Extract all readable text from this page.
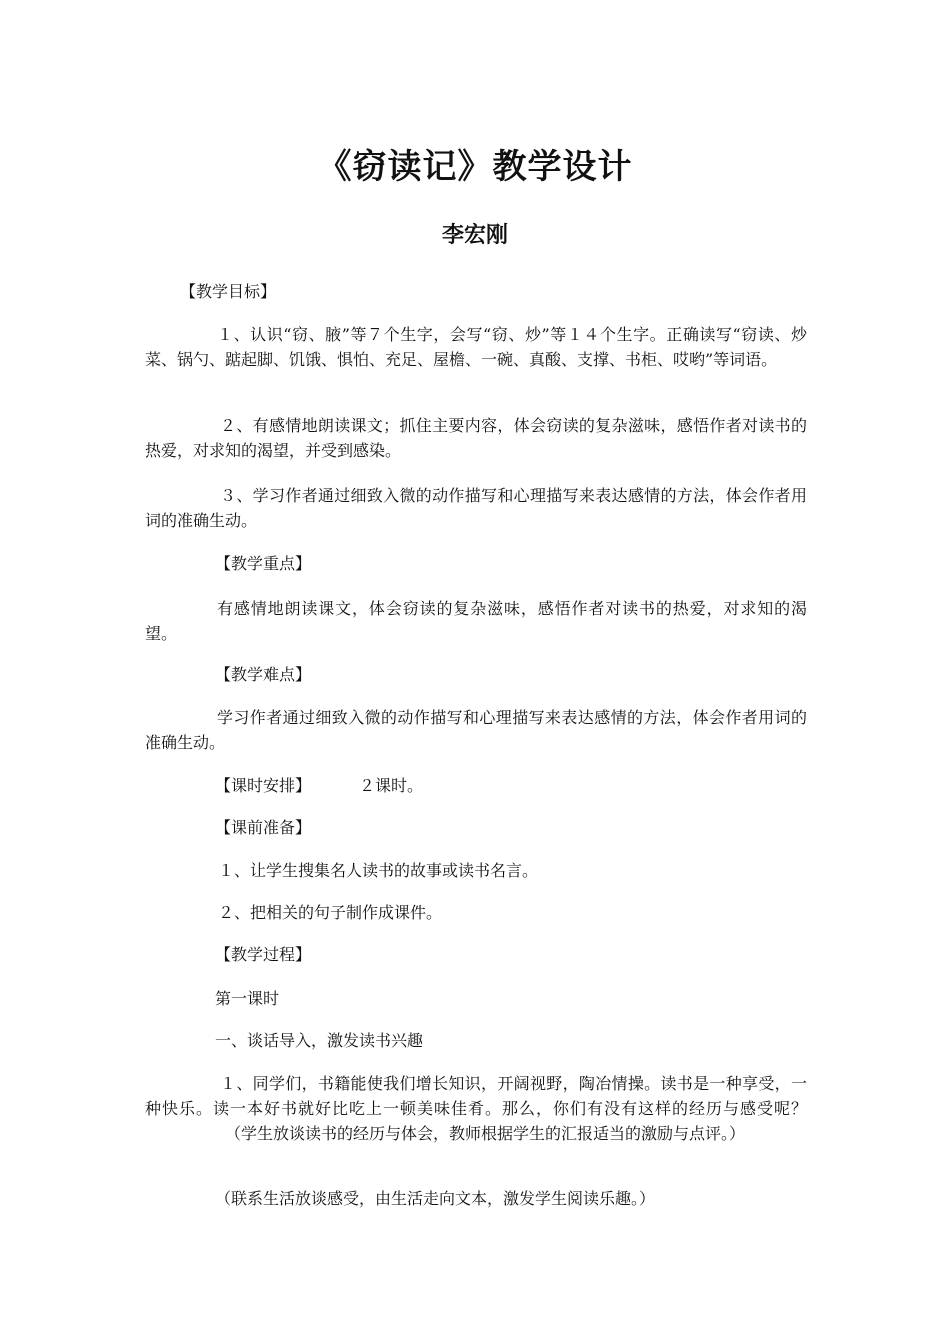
《窃读记》教学设计
李宏刚
【教学目标】
１、认识“窃、腋”等７个生字，会写“窃、炒”等１４个生字。正确读写“窃读、炒菜、锅勺、踮起脚、饥饿、惧怕、充足、屋檐、一碗、真酸、支撑、书柜、哎哟”等词语。
２、有感情地朗读课文；抓住主要内容，体会窃读的复杂滋味，感悟作者对读书的热爱，对求知的渴望，并受到感染。
３、学习作者通过细致入微的动作描写和心理描写来表达感情的方法，体会作者用词的准确生动。
【教学重点】
有感情地朗读课文，体会窃读的复杂滋味，感悟作者对读书的热爱，对求知的渴望。
【教学难点】
学习作者通过细致入微的动作描写和心理描写来表达感情的方法，体会作者用词的准确生动。
【课时安排】	２课时。
【课前准备】
１、让学生搜集名人读书的故事或读书名言。
２、把相关的句子制作成课件。
【教学过程】
第一课时
一、谈话导入，激发读书兴趣
１、同学们，书籍能使我们增长知识，开阔视野，陶冶情操。读书是一种享受，一种快乐。读一本好书就好比吃上一顿美味佳肴。那么，你们有没有这样的经历与感受呢？（学生放谈读书的经历与体会，教师根据学生的汇报适当的激励与点评。）
（联系生活放谈感受，由生活走向文本，激发学生阅读乐趣。）
